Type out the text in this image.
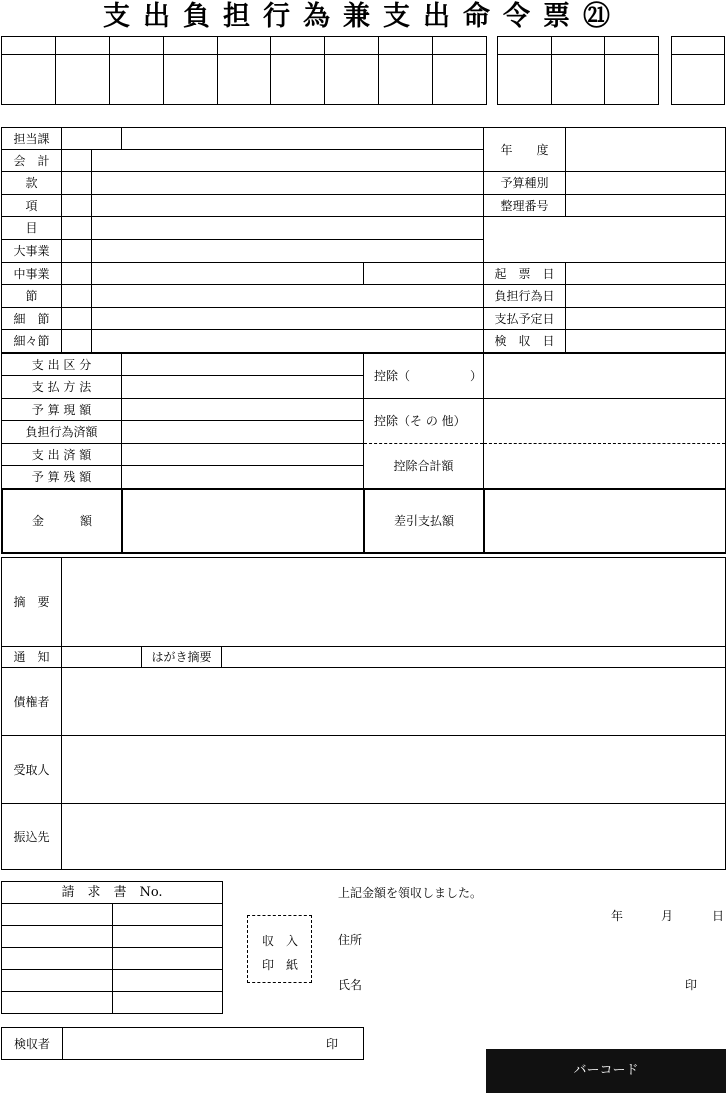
支出負担行為兼支出命令票㉑

担当課					年　　度	
会　計						
款					予算種別	
項					整理番号	
目						
大事業						
中事業					起　票　日	
節					負担行為日	
細　節					支払予定日	
細々節					検　収　日	
支 出 区 分		控除（　　　　　）	
支 払 方 法			
予 算 現 額		控除（そ の 他）	
負担行為済額			
支 出 済 額		控除合計額	
予 算 残 額			
金　　　額		差引支払額	
摘　要			
通　知		はがき摘要	
債権者			
受取人			
振込先			
請　求　書　No.	

収　入
印　紙
上記金額を領収しました。
年	月	日
住所
氏名	印
検収者	印
バーコード
